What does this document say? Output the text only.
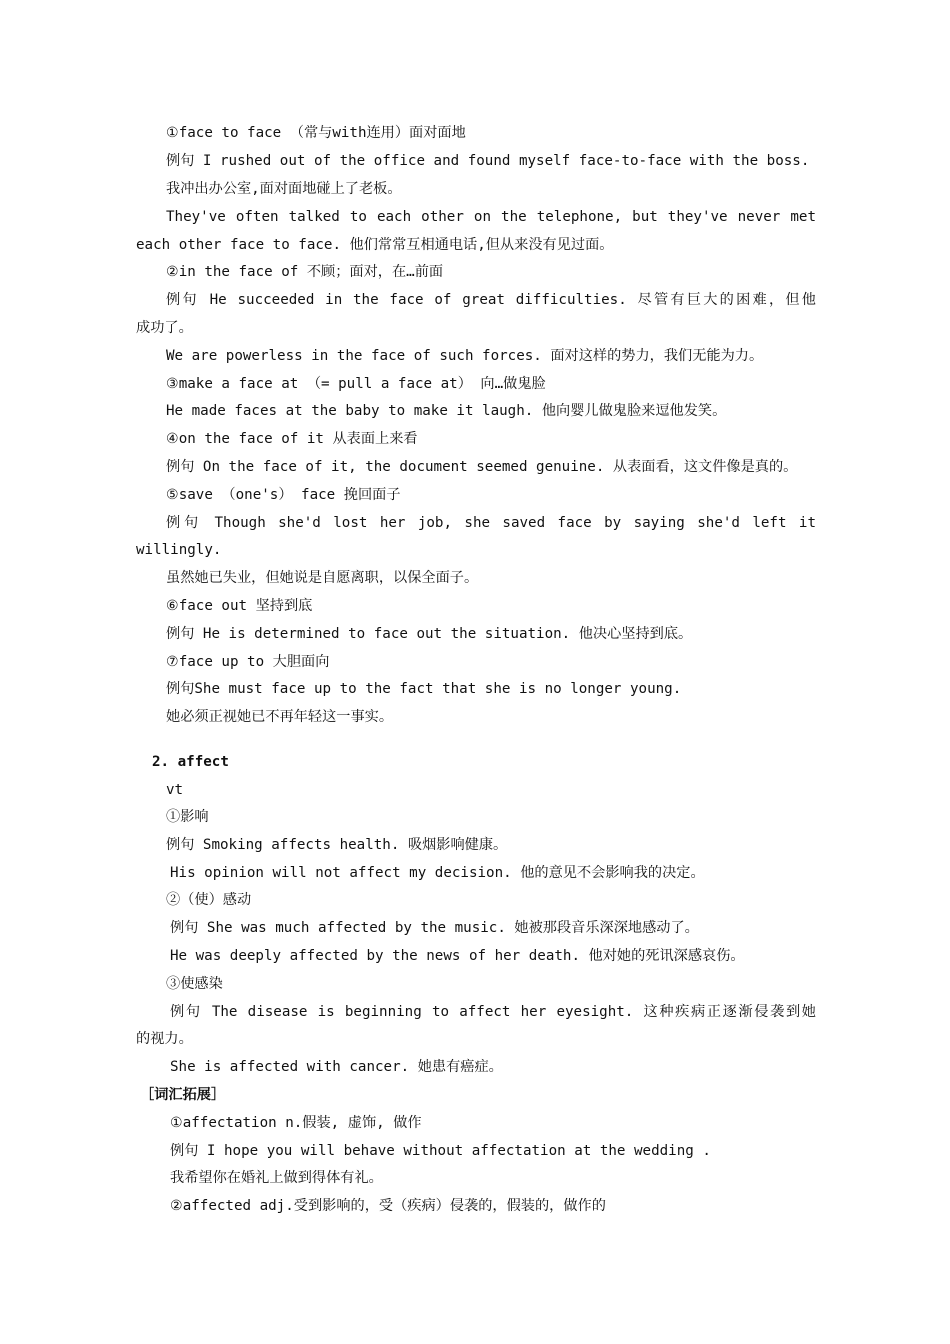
①face to face （常与with连用）面对面地
例句 I rushed out of the office and found myself face-to-face with the boss.
我冲出办公室,面对面地碰上了老板。
They've often talked to each other on the telephone, but they've never met
each other face to face. 他们常常互相通电话,但从来没有见过面。
②in the face of 不顾；面对，在…前面
例句 He succeeded in the face of great difficulties. 尽管有巨大的困难，但他
成功了。
We are powerless in the face of such forces. 面对这样的势力，我们无能为力。
③make a face at （= pull a face at） 向…做鬼脸
He made faces at the baby to make it laugh. 他向婴儿做鬼脸来逗他发笑。
④on the face of it 从表面上来看
例句 On the face of it, the document seemed genuine. 从表面看，这文件像是真的。
⑤save （one's） face 挽回面子
例句 Though she'd lost her job, she saved face by saying she'd left it
willingly.
虽然她已失业，但她说是自愿离职，以保全面子。
⑥face out 坚持到底
例句 He is determined to face out the situation. 他决心坚持到底。
⑦face up to 大胆面向
例句She must face up to the fact that she is no longer young.
她必须正视她已不再年轻这一事实。
2. affect
vt
①影响
例句 Smoking affects health. 吸烟影响健康。
His opinion will not affect my decision. 他的意见不会影响我的决定。
②（使）感动
例句 She was much affected by the music. 她被那段音乐深深地感动了。
He was deeply affected by the news of her death. 他对她的死讯深感哀伤。
③使感染
例句 The disease is beginning to affect her eyesight. 这种疾病正逐渐侵袭到她
的视力。
She is affected with cancer. 她患有癌症。
［词汇拓展］
①affectation n.假装, 虚饰, 做作
例句 I hope you will behave without affectation at the wedding .
我希望你在婚礼上做到得体有礼。
②affected adj.受到影响的，受（疾病）侵袭的，假装的，做作的
